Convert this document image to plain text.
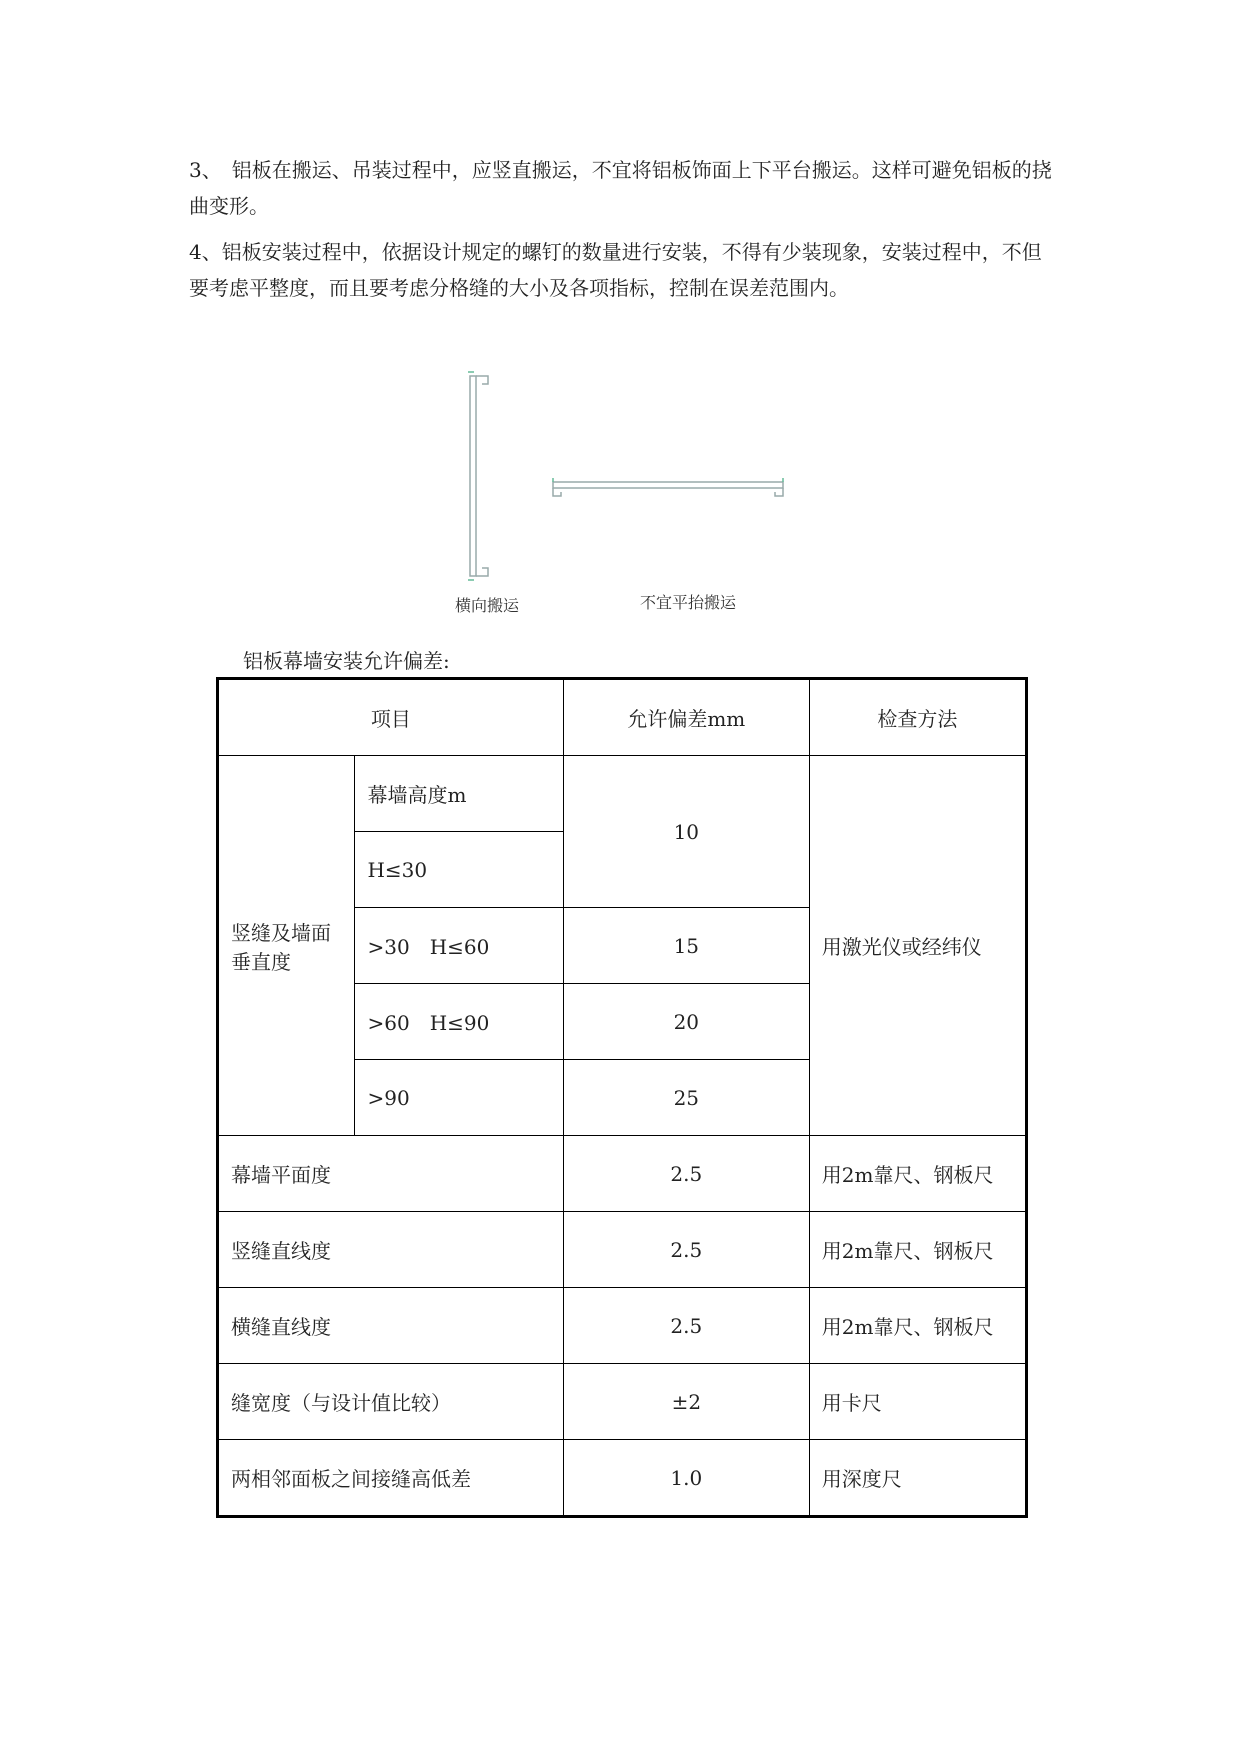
3、　铝板在搬运、吊装过程中，应竖直搬运，不宜将铝板饰面上下平台搬运。这样可避免铝板的挠曲变形。

4、铝板安装过程中，依据设计规定的螺钉的数量进行安装，不得有少装现象，安装过程中，不但要考虑平整度，而且要考虑分格缝的大小及各项指标，控制在误差范围内。

横向搬运	不宜平抬搬运
铝板幕墙安装允许偏差:
项目		允许偏差mm	检查方法
竖缝及墙面垂直度	幕墙高度m	10	用激光仪或经纬仪
	H≤30		
	>30　H≤60	15	
	>60　H≤90	20	
	>90	25	
幕墙平面度		2.5	用2m靠尺、钢板尺
竖缝直线度		2.5	用2m靠尺、钢板尺
横缝直线度		2.5	用2m靠尺、钢板尺
缝宽度（与设计值比较）		±2	用卡尺
两相邻面板之间接缝高低差		1.0	用深度尺
